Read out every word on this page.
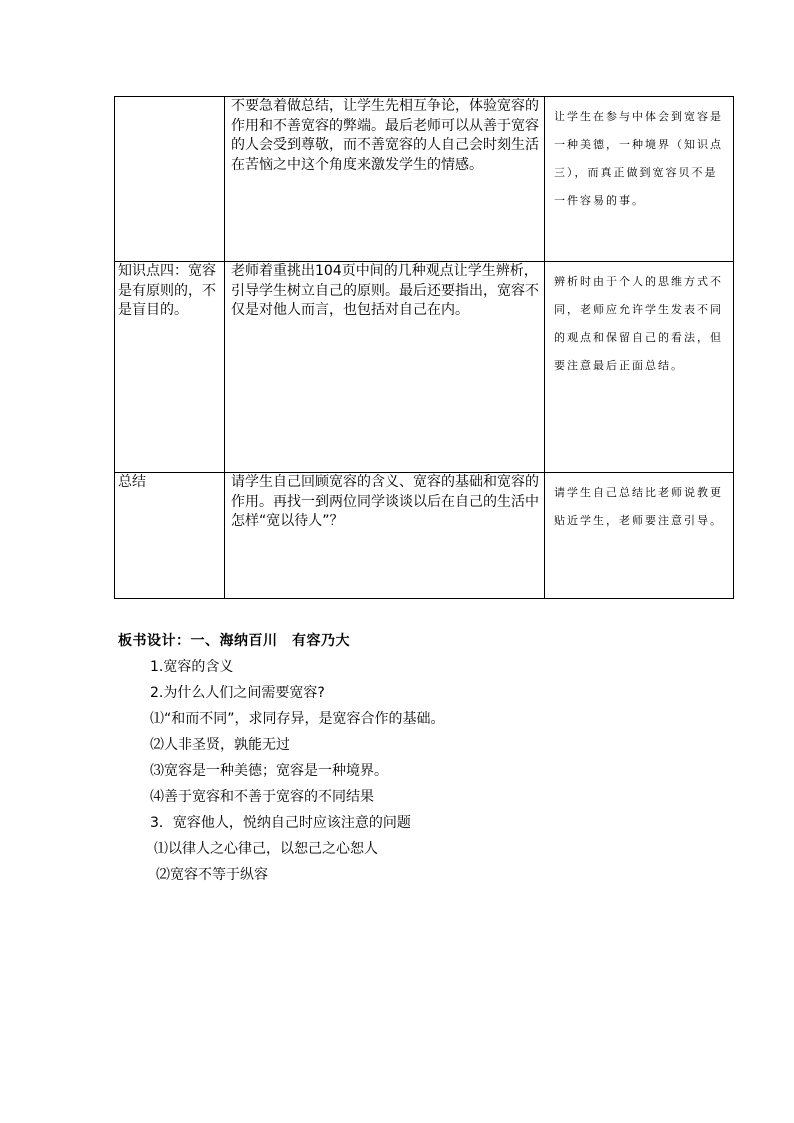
	不要急着做总结，让学生先相互争论，体验宽容的作用和不善宽容的弊端。最后老师可以从善于宽容的人会受到尊敬，而不善宽容的人自己会时刻生活在苦恼之中这个角度来激发学生的情感。	让学生在参与中体会到宽容是一种美德，一种境界（知识点三），而真正做到宽容贝不是一件容易的事。
知识点四：宽容是有原则的，不是盲目的。	老师着重挑出104页中间的几种观点让学生辨析，引导学生树立自己的原则。最后还要指出，宽容不仅是对他人而言，也包括对自己在内。	辨析时由于个人的思维方式不同，老师应允许学生发表不同的观点和保留自己的看法，但要注意最后正面总结。
总结	请学生自己回顾宽容的含义、宽容的基础和宽容的作用。再找一到两位同学谈谈以后在自己的生活中怎样“宽以待人”？	请学生自己总结比老师说教更贴近学生，老师要注意引导。
板书设计：一、海纳百川　有容乃大
1.宽容的含义
2.为什么人们之间需要宽容?
⑴“和而不同”，求同存异，是宽容合作的基础。
⑵人非圣贤，孰能无过
⑶宽容是一种美德；宽容是一种境界。
⑷善于宽容和不善于宽容的不同结果
3．宽容他人，悦纳自己时应该注意的问题
⑴以律人之心律己，以恕己之心恕人
⑵宽容不等于纵容
